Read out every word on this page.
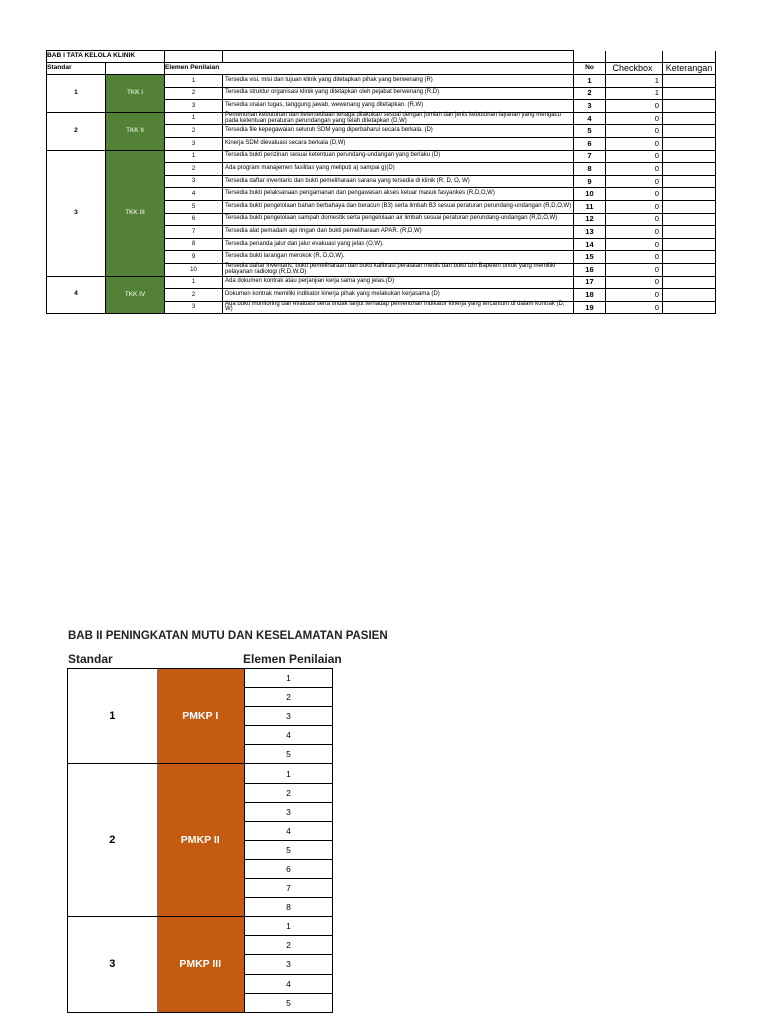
BAB I TATA KELOLA KLINIK						
Standar		Elemen Penilaian		No	Checkbox	Keterangan
1	TKK I	1	Tersedia visi, misi dan tujuan klinik yang ditetapkan pihak yang berwenang (R)	1	1	
		2	Tersedia struktur organisasi klinik yang ditetapkan oleh pejabat berwenang (R,D)	2	1	
		3	Tersedia uraian tugas, tanggung jawab, wewenang yang ditetapkan. (R,W)	3	0	
2	TKK II	1	Pemenuhan kebutuhan dan ketersediaan tenaga dilakukan sesuai dengan jumlah dan jenis kebutuhan layanan yang mengacu pada ketentuan peraturan perundangan yang telah ditetapkan (D,W)	4	0	
		2	Tersedia file kepegawaian seluruh SDM yang diperbaharui secara berkala. (D)	5	0	
		3	Kinerja SDM dievaluasi secara berkala (D,W)	6	0	
3	TKK III	1	Tersedia bukti perizinan sesuai ketentuan perundang-undangan yang berlaku (D)	7	0	
		2	Ada program manajemen fasilitas yang meliputi a) sampai g)(D)	8	0	
		3	Tersedia daftar inventaris dan bukti pemeliharaan sarana yang tersedia di klinik (R, D, O, W)	9	0	
		4	Tersedia bukti pelaksanaan pengamanan dan pengawasan akses keluar masuk fasyankes (R,D,O,W)	10	0	
		5	Tersedia bukti pengelolaan bahan berbahaya dan beracun (B3) serta limbah B3 sesuai peraturan perundang-undangan (R,D,O,W)	11	0	
		6	Tersedia bukti pengelolaan sampah domestik serta pengelolaan air limbah sesuai peraturan perundang-undangan (R,D,O,W)	12	0	
		7	Tersedia alat pemadam api ringan dan bukti pemeliharaan APAR. (R,D,W)	13	0	
		8	Tersedia penanda jalur dan jalur evakuasi yang jelas (O,W).	14	0	
		9	Tersedia bukti larangan merokok (R, D,O,W).	15	0	
		10	Tersedia daftar inventaris, bukti pemeliharaan dan bukti kalibrasi peralatan medis dan bukti izin Bapeten untuk yang memiliki pelayanan radiologi (R,D,W,O)	16	0	
4	TKK IV	1	Ada dokumen kontrak atau perjanjian kerja sama yang jelas.(D)	17	0	
		2	Dokumen kontrak memiliki indikator kinerja pihak yang melakukan kerjasama (D)	18	0	
		3	Ada bukti monitoring dan evaluasi serta tindak lanjut terhadap pemenuhan indikator kinerja yang tercantum di dalam kontrak (D, W)	19	0	
BAB II PENINGKATAN MUTU DAN KESELAMATAN PASIEN
Standar	Elemen Penilaian
1	PMKP I	1
		2
		3
		4
		5
2	PMKP II	1
		2
		3
		4
		5
		6
		7
		8
3	PMKP III	1
		2
		3
		4
		5
